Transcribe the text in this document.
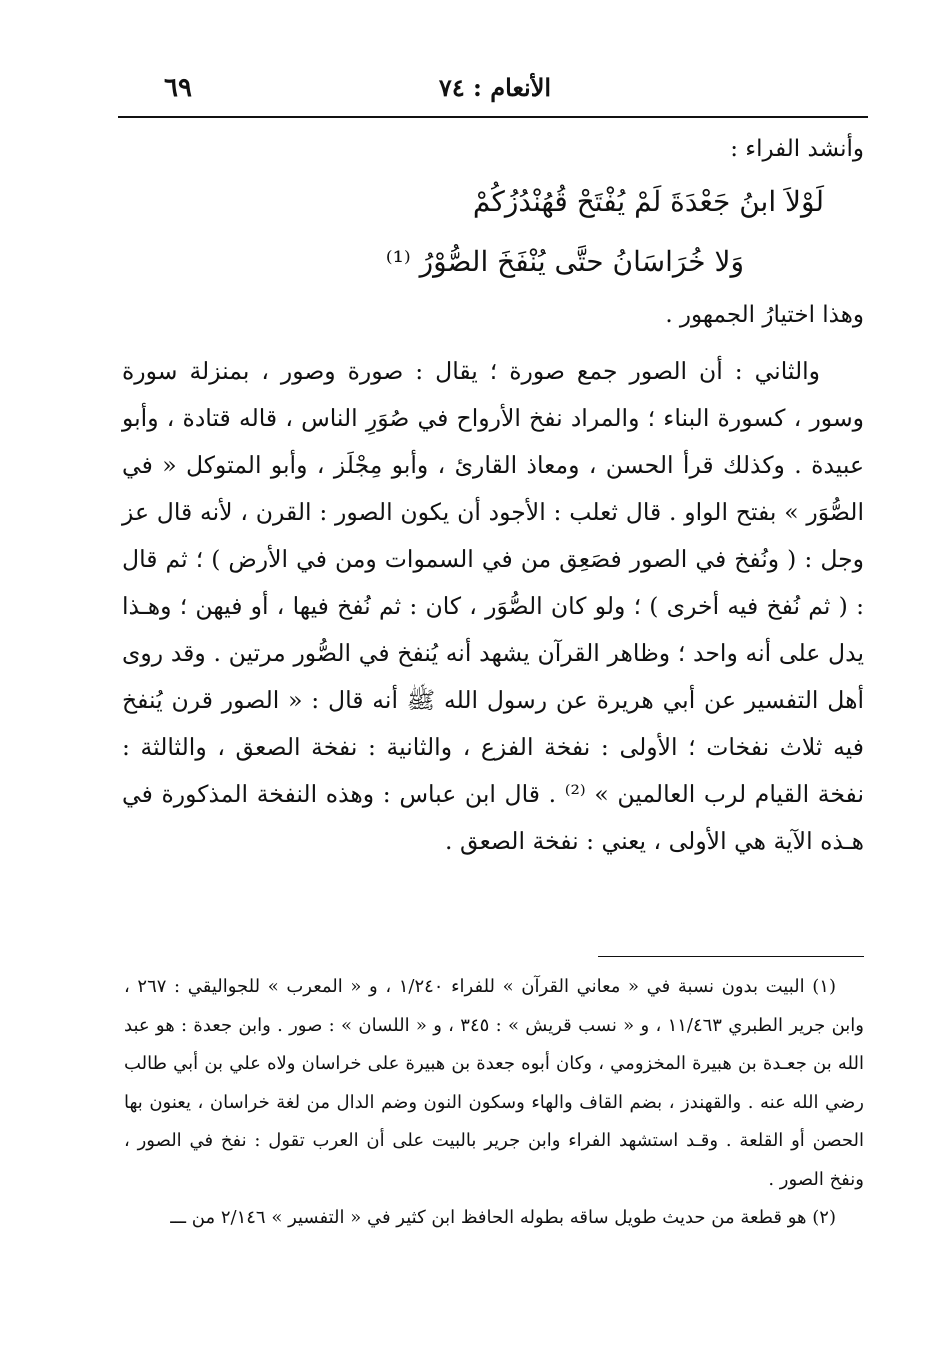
الأنعام : ٧٤
٦٩
وأنشد الفراء :
لَوْلاَ ابنُ جَعْدَةَ لَمْ يُفْتَحْ قُهُنْدُزُكُمْ
وَلا خُرَاسَانُ حتَّى يُنْفَخَ الصُّوْرُ ⁽¹⁾
وهذا اختيارُ الجمهور .
والثاني : أن الصور جمع صورة ؛ يقال : صورة وصور ، بمنزلة سورة وسور ، كسورة البناء ؛ والمراد نفخ الأرواح في صُوَرِ الناس ، قاله قتادة ، وأبو عبيدة . وكذلك قرأ الحسن ، ومعاذ القارئ ، وأبو مِجْلَز ، وأبو المتوكل « في الصُّوَر » بفتح الواو . قال ثعلب : الأجود أن يكون الصور : القرن ، لأنه قال عز وجل : ( ونُفخ في الصور فصَعِق من في السموات ومن في الأرض ) ؛ ثم قال : ( ثم نُفخ فيه أخرى ) ؛ ولو كان الصُّوَر ، كان : ثم نُفخ فيها ، أو فيهن ؛ وهـذا يدل على أنه واحد ؛ وظاهر القرآن يشهد أنه يُنفخ في الصُّور مرتين . وقد روى أهل التفسير عن أبي هريرة عن رسول الله ﷺ أنه قال : « الصور قرن يُنفخ فيه ثلاث نفخات ؛ الأولى : نفخة الفزع ، والثانية : نفخة الصعق ، والثالثة : نفخة القيام لرب العالمين » ⁽²⁾ . قال ابن عباس : وهذه النفخة المذكورة في هـذه الآية هي الأولى ، يعني : نفخة الصعق .
(١) البيت بدون نسبة في « معاني القرآن » للفراء ١/٢٤٠ ، و « المعرب » للجواليقي : ٢٦٧ ، وابن جرير الطبري ١١/٤٦٣ ، و « نسب قريش » : ٣٤٥ ، و « اللسان » : صور . وابن جعدة : هو عبد الله بن جعـدة بن هبيرة المخزومي ، وكان أبوه جعدة بن هبيرة على خراسان ولاه علي بن أبي طالب رضي الله عنه . والقهندز ، بضم القاف والهاء وسكون النون وضم الدال من لغة خراسان ، يعنون بها الحصن أو القلعة . وقـد استشهد الفراء وابن جرير بالبيت على أن العرب تقول : نفخ في الصور ، ونفخ الصور .
(٢) هو قطعة من حديث طويل ساقه بطوله الحافظ ابن كثير في « التفسير » ٢/١٤٦ من ـــ
